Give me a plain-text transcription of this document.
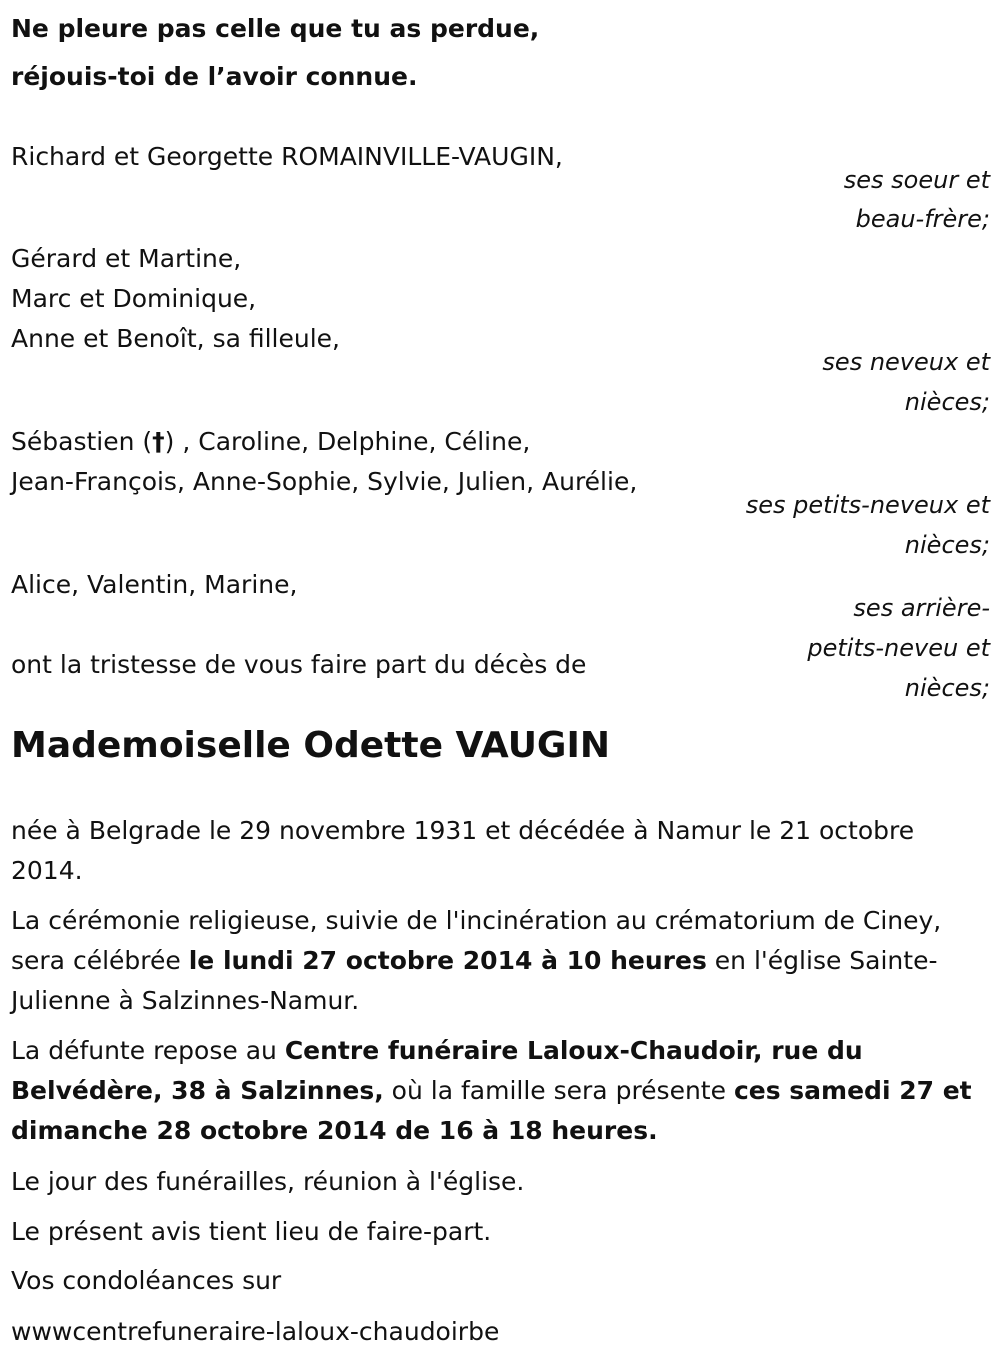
Ne pleure pas celle que tu as perdue,
réjouis-toi de l’avoir connue.
Richard et Georgette ROMAINVILLE-VAUGIN,
ses soeur et
beau-frère;
Gérard et Martine,
Marc et Dominique,
Anne et Benoît, sa filleule,
ses neveux et
nièces;
Sébastien (†) , Caroline, Delphine, Céline,
Jean-François, Anne-Sophie, Sylvie, Julien, Aurélie,
ses petits-neveux et
nièces;
Alice, Valentin, Marine,
ses arrière-
petits-neveu et
nièces;
ont la tristesse de vous faire part du décès de
Mademoiselle Odette VAUGIN
née à Belgrade le 29 novembre 1931 et décédée à Namur le 21 octobre 2014.
La cérémonie religieuse, suivie de l'incinération au crématorium de Ciney, sera célébrée le lundi 27 octobre 2014 à 10 heures en l'église Sainte-Julienne à Salzinnes-Namur.
La défunte repose au Centre funéraire Laloux-Chaudoir, rue du Belvédère, 38 à Salzinnes, où la famille sera présente ces samedi 27 et dimanche 28 octobre 2014 de 16 à 18 heures.
Le jour des funérailles, réunion à l'église.
Le présent avis tient lieu de faire-part.
Vos condoléances sur
wwwcentrefuneraire-laloux-chaudoirbe
